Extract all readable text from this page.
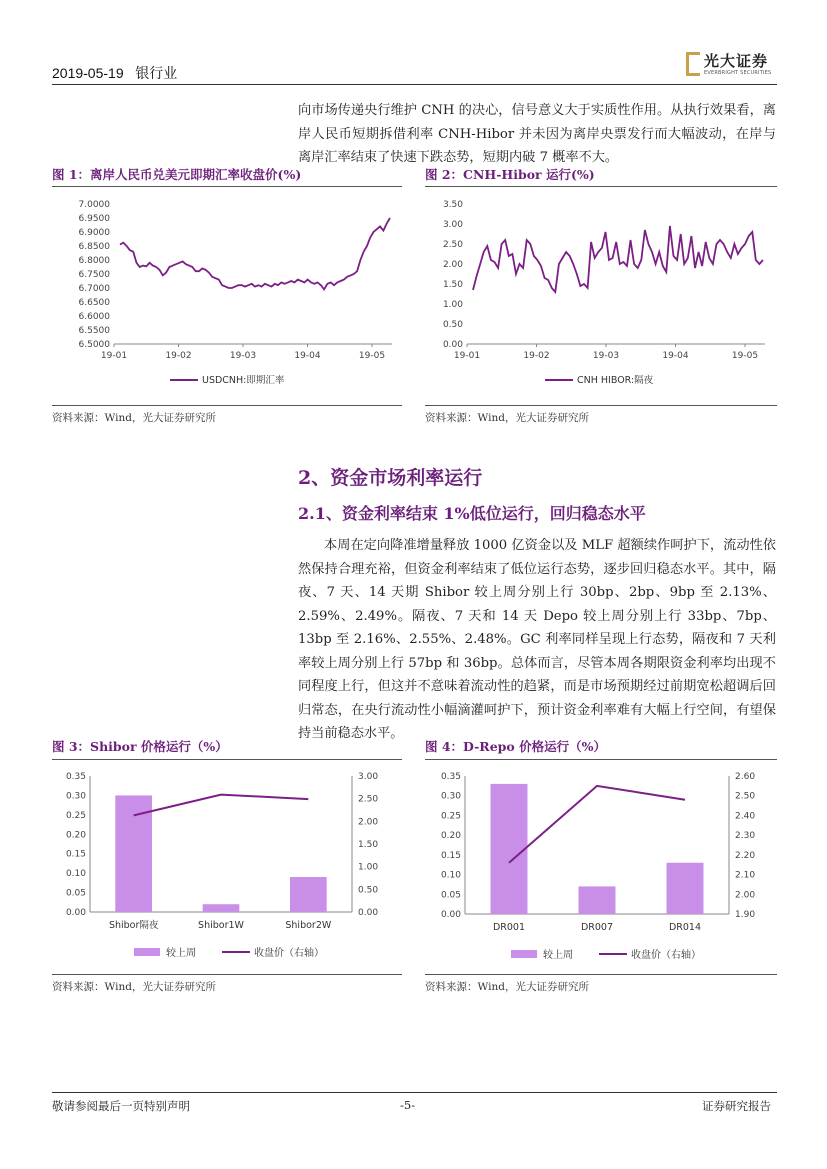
2019-05-19 银行业
光大证券
EVERBRIGHT SECURITIES
向市场传递央行维护 CNH 的决心，信号意义大于实质性作用。从执行效果看，离岸人民币短期拆借利率 CNH-Hibor 并未因为离岸央票发行而大幅波动，在岸与离岸汇率结束了快速下跌态势，短期内破 7 概率不大。
图 1：离岸人民币兑美元即期汇率收盘价(%)
7.0000
6.9500
6.9000
6.8500
6.8000
6.7500
6.7000
6.6500
6.6000
6.5500
6.5000
19-01	19-02	19-03	19-04	19-05
USDCNH:即期汇率
资料来源：Wind，光大证券研究所
图 2：CNH-Hibor 运行(%)
3.50
3.00
2.50
2.00
1.50
1.00
0.50
0.00
19-01	19-02	19-03	19-04	19-05
CNH HIBOR:隔夜
资料来源：Wind，光大证券研究所
2、资金市场利率运行
2.1、资金利率结束 1%低位运行，回归稳态水平
本周在定向降准增量释放 1000 亿资金以及 MLF 超额续作呵护下，流动性依然保持合理充裕，但资金利率结束了低位运行态势，逐步回归稳态水平。其中，隔夜、7 天、14 天期 Shibor 较上周分别上行 30bp、2bp、9bp 至 2.13%、2.59%、2.49%。隔夜、7 天和 14 天 Depo 较上周分别上行 33bp、7bp、13bp 至 2.16%、2.55%、2.48%。GC 利率同样呈现上行态势，隔夜和 7 天利率较上周分别上行 57bp 和 36bp。总体而言，尽管本周各期限资金利率均出现不同程度上行，但这并不意味着流动性的趋紧，而是市场预期经过前期宽松超调后回归常态，在央行流动性小幅滴灌呵护下，预计资金利率难有大幅上行空间，有望保持当前稳态水平。
图 3：Shibor 价格运行（%）
0.35
0.30
0.25
0.20
0.15
0.10
0.05
0.00
3.00
2.50
2.00
1.50
1.00
0.50
0.00
Shibor隔夜	Shibor1W	Shibor2W
较上周	收盘价（右轴）
资料来源：Wind，光大证券研究所
图 4：D-Repo 价格运行（%）
0.35
0.30
0.25
0.20
0.15
0.10
0.05
0.00
2.60
2.50
2.40
2.30
2.20
2.10
2.00
1.90
DR001	DR007	DR014
较上周	收盘价（右轴）
资料来源：Wind，光大证券研究所
敬请参阅最后一页特别声明	-5-	证券研究报告
